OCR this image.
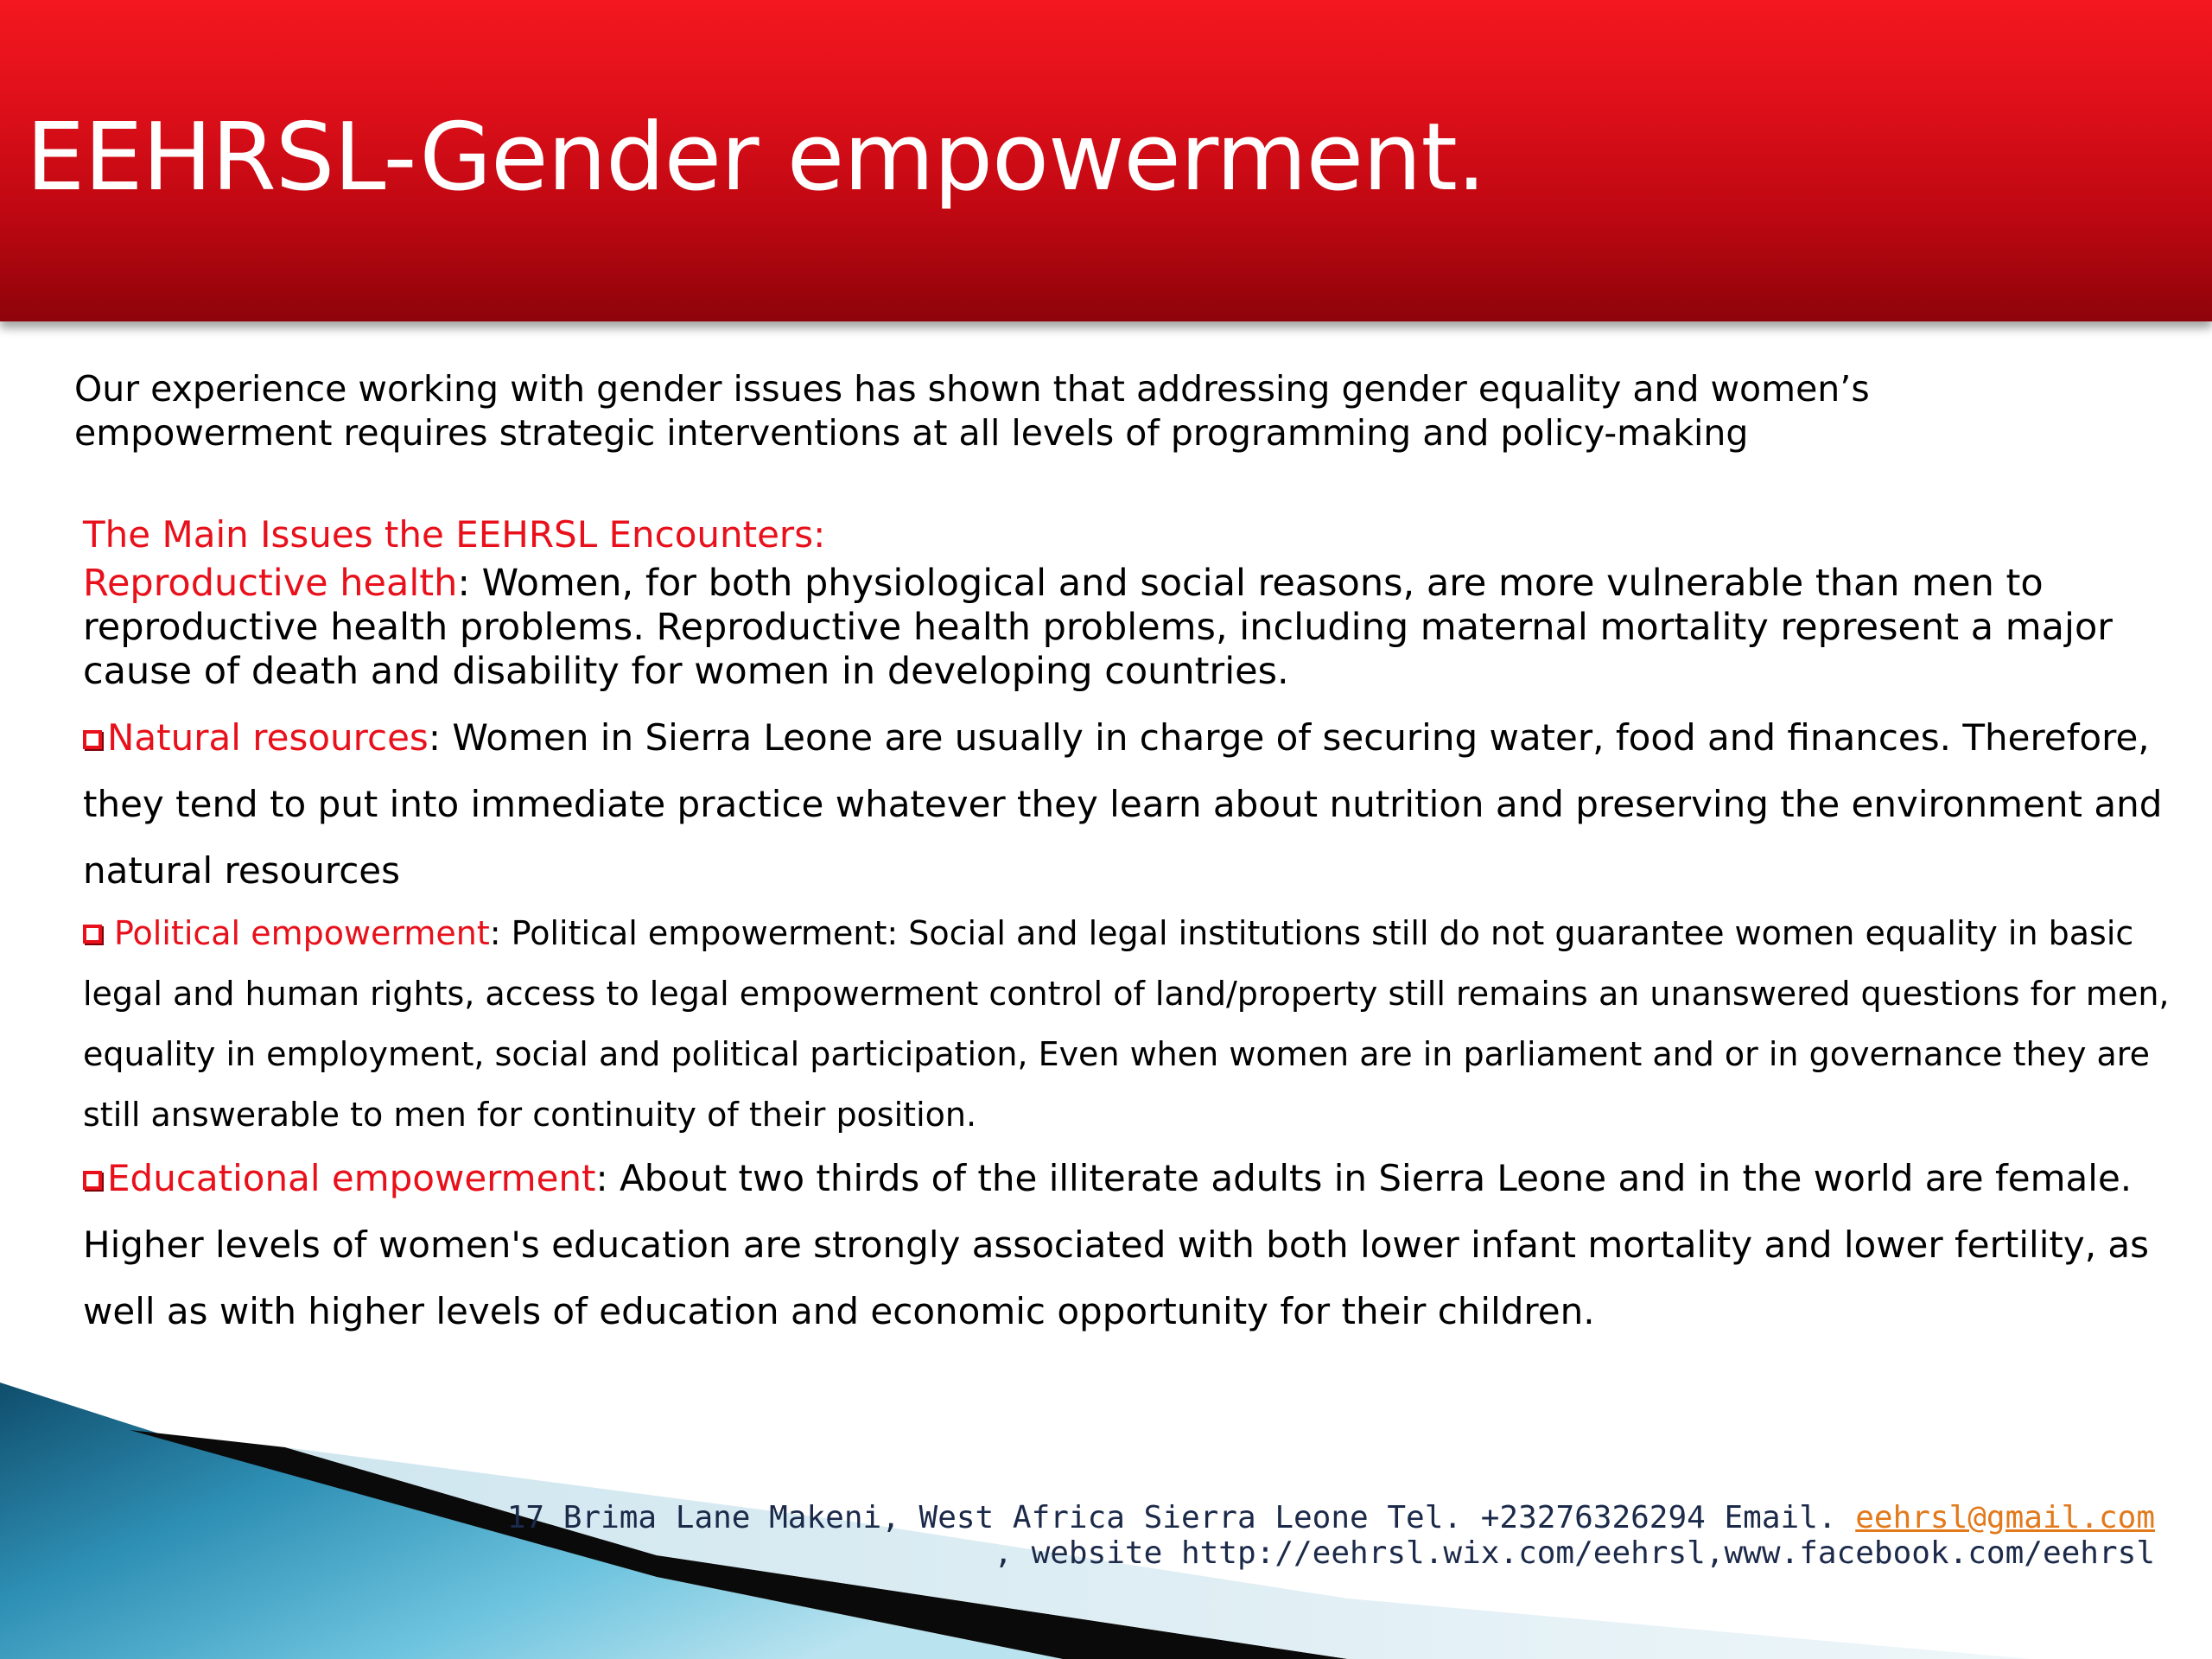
EEHRSL-Gender empowerment.

Our experience working with gender issues has shown that addressing gender equality and women’s empowerment requires strategic interventions at all levels of programming and policy-making

The Main Issues the EEHRSL Encounters:

Reproductive health: Women, for both physiological and social reasons, are more vulnerable than men to reproductive health problems. Reproductive health problems, including maternal mortality represent a major cause of death and disability for women in developing countries.

Natural resources: Women in Sierra Leone are usually in charge of securing water, food and finances. Therefore, they tend to put into immediate practice whatever they learn about nutrition and preserving the environment and natural resources

Political empowerment: Political empowerment: Social and legal institutions still do not guarantee women equality in basic legal and human rights, access to legal empowerment control of land/property still remains an unanswered questions for men, equality in employment, social and political participation, Even when women are in parliament and or in governance they are still answerable to men for continuity of their position.

Educational empowerment: About two thirds of the illiterate adults in Sierra Leone and in the world are female. Higher levels of women's education are strongly associated with both lower infant mortality and lower fertility, as well as with higher levels of education and economic opportunity for their children.

17 Brima Lane Makeni, West Africa Sierra Leone Tel. +23276326294 Email. eehrsl@gmail.com
, website http://eehrsl.wix.com/eehrsl,www.facebook.com/eehrsl
